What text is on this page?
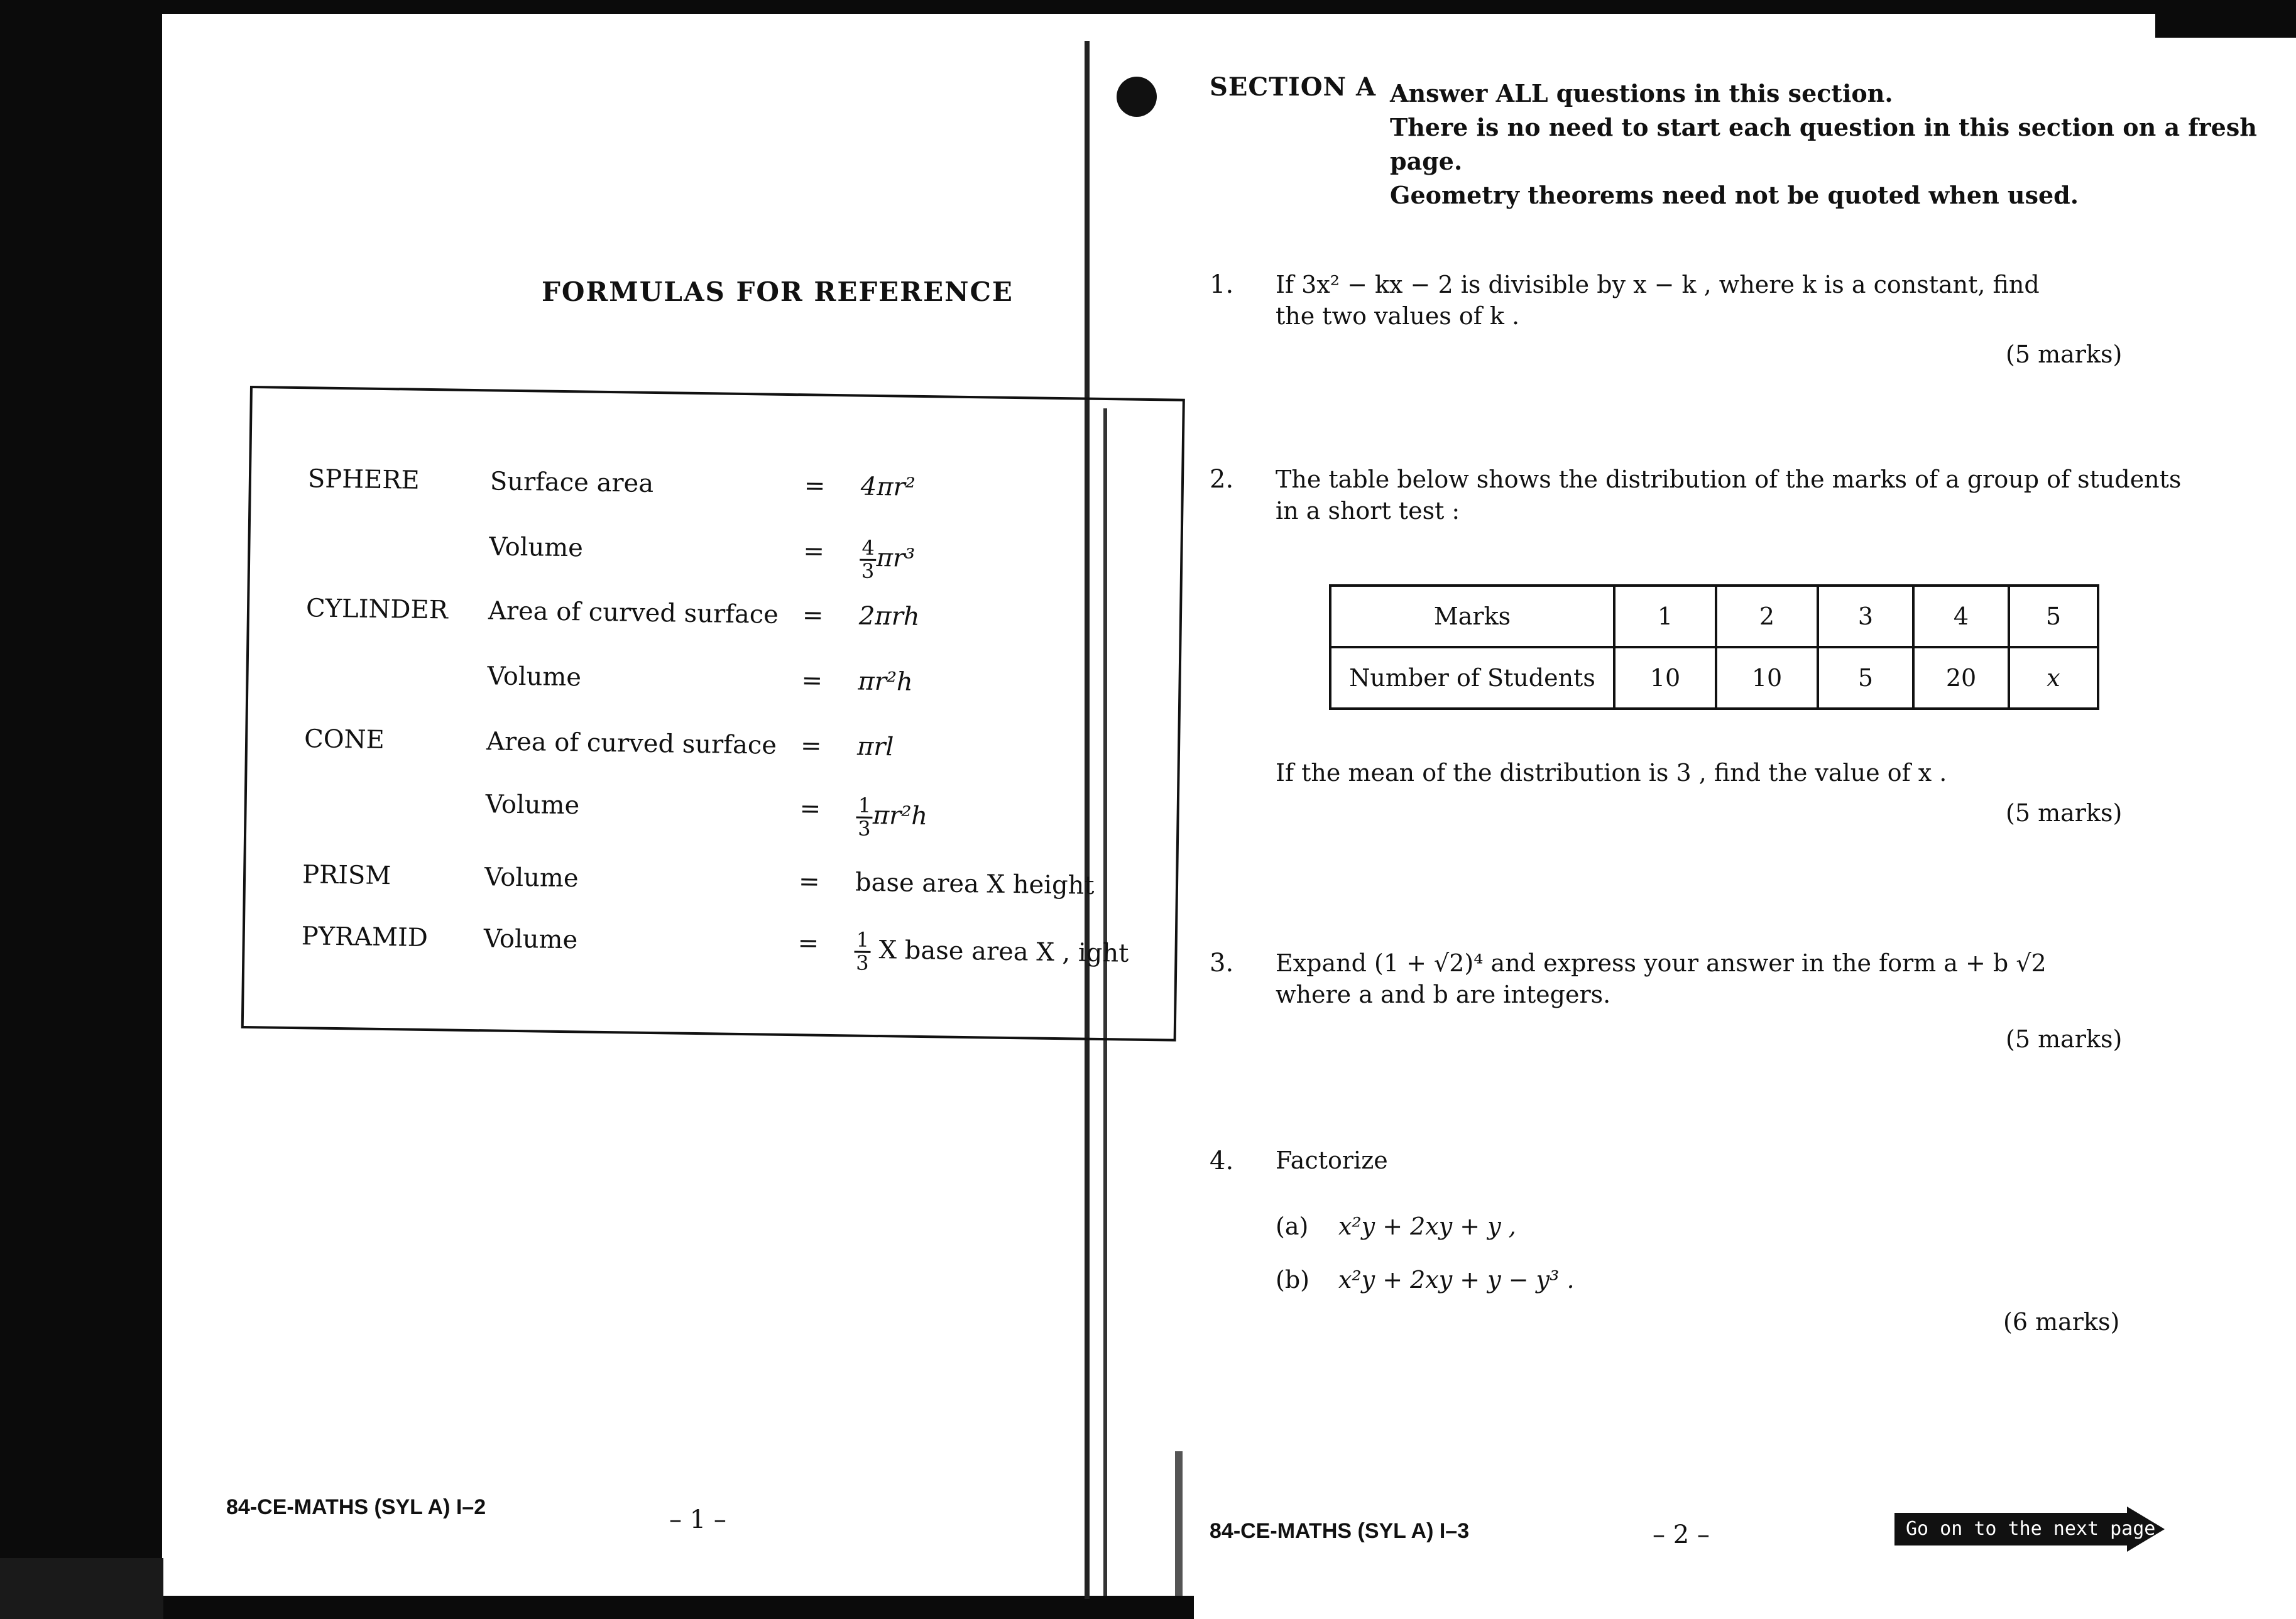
FORMULAS FOR REFERENCE
SPHERE	Surface area	= 4πr²
Volume	= $\frac{4}{3} \pi r^3$
CYLINDER Area of curved surface = 2πrh
Volume	= πr²h
CONE	Area of curved surface = πrl
Volume	= $\frac{1}{3} \pi r^2h$
PRISM	Volume	= base area X height
PYRAMID Volume	= $\frac{1}{3}$ X base area X , ight
84-CE-MATHS (SYL A) I–2	– 1 –
SECTION A Answer ALL questions in this section.
There is no need to start each question in this section on a fresh page.
Geometry theorems need not be quoted when used.
1. If 3x² − kx − 2 is divisible by x − k , where k is a constant, find
the two values of k .
(5 marks)
2. The table below shows the distribution of the marks of a group of students
in a short test :
Marks	1	2	3	4	5
Number of Students	10	10	5	20	x
If the mean of the distribution is 3 , find the value of x .
(5 marks)
3. Expand (1 + √2)⁴ and express your answer in the form a + b √2
where a and b are integers.
(5 marks)
4. Factorize
(a) x²y + 2xy + y ,
(b) x²y + 2xy + y − y³ .
(6 marks)
84-CE-MATHS (SYL A) I–3	– 2 –	Go on to the next page
